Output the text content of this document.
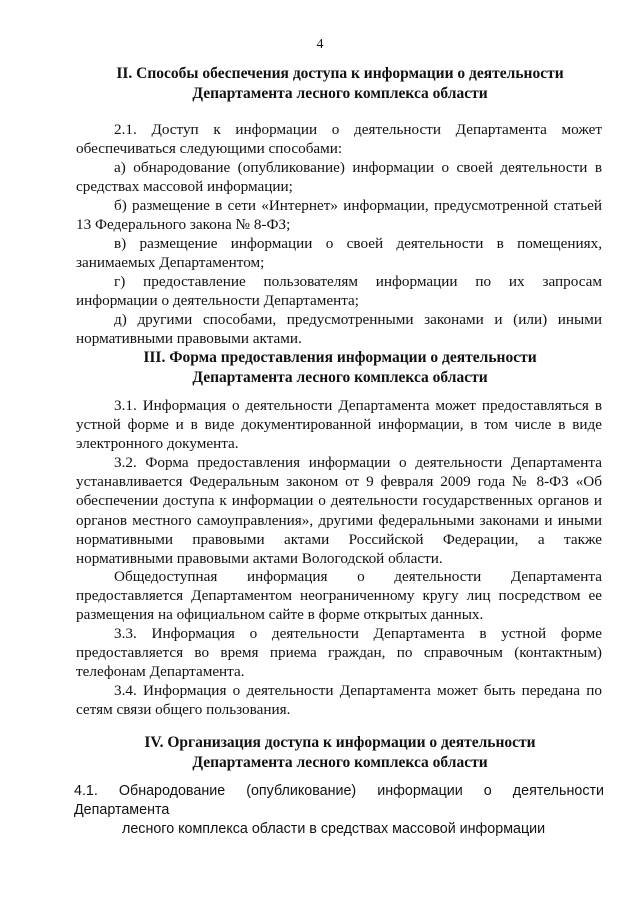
4
II. Способы обеспечения доступа к информации о деятельности
Департамента лесного комплекса области

2.1. Доступ к информации о деятельности Департамента может обеспечиваться следующими способами:

а) обнародование (опубликование) информации о своей деятельности в средствах массовой информации;

б) размещение в сети «Интернет» информации, предусмотренной статьей 13 Федерального закона № 8-ФЗ;

в) размещение информации о своей деятельности в помещениях, занимаемых Департаментом;

г) предоставление пользователям информации по их запросам информации о деятельности Департамента;

д) другими способами, предусмотренными законами и (или) иными нормативными правовыми актами.

III. Форма предоставления информации о деятельности
Департамента лесного комплекса области

3.1. Информация о деятельности Департамента может предоставляться в устной форме и в виде документированной информации, в том числе в виде электронного документа.

3.2. Форма предоставления информации о деятельности Департамента устанавливается Федеральным законом от 9 февраля 2009 года № 8-ФЗ «Об обеспечении доступа к информации о деятельности государственных органов и органов местного самоуправления», другими федеральными законами и иными нормативными правовыми актами Российской Федерации, а также нормативными правовыми актами Вологодской области.

Общедоступная информация о деятельности Департамента предоставляется Департаментом неограниченному кругу лиц посредством ее размещения на официальном сайте в форме открытых данных.

3.3. Информация о деятельности Департамента в устной форме предоставляется во время приема граждан, по справочным (контактным) телефонам Департамента.

3.4. Информация о деятельности Департамента может быть передана по сетям связи общего пользования.

IV. Организация доступа к информации о деятельности
Департамента лесного комплекса области

4.1. Обнародование (опубликование) информации о деятельности Департамента
лесного комплекса области в средствах массовой информации
